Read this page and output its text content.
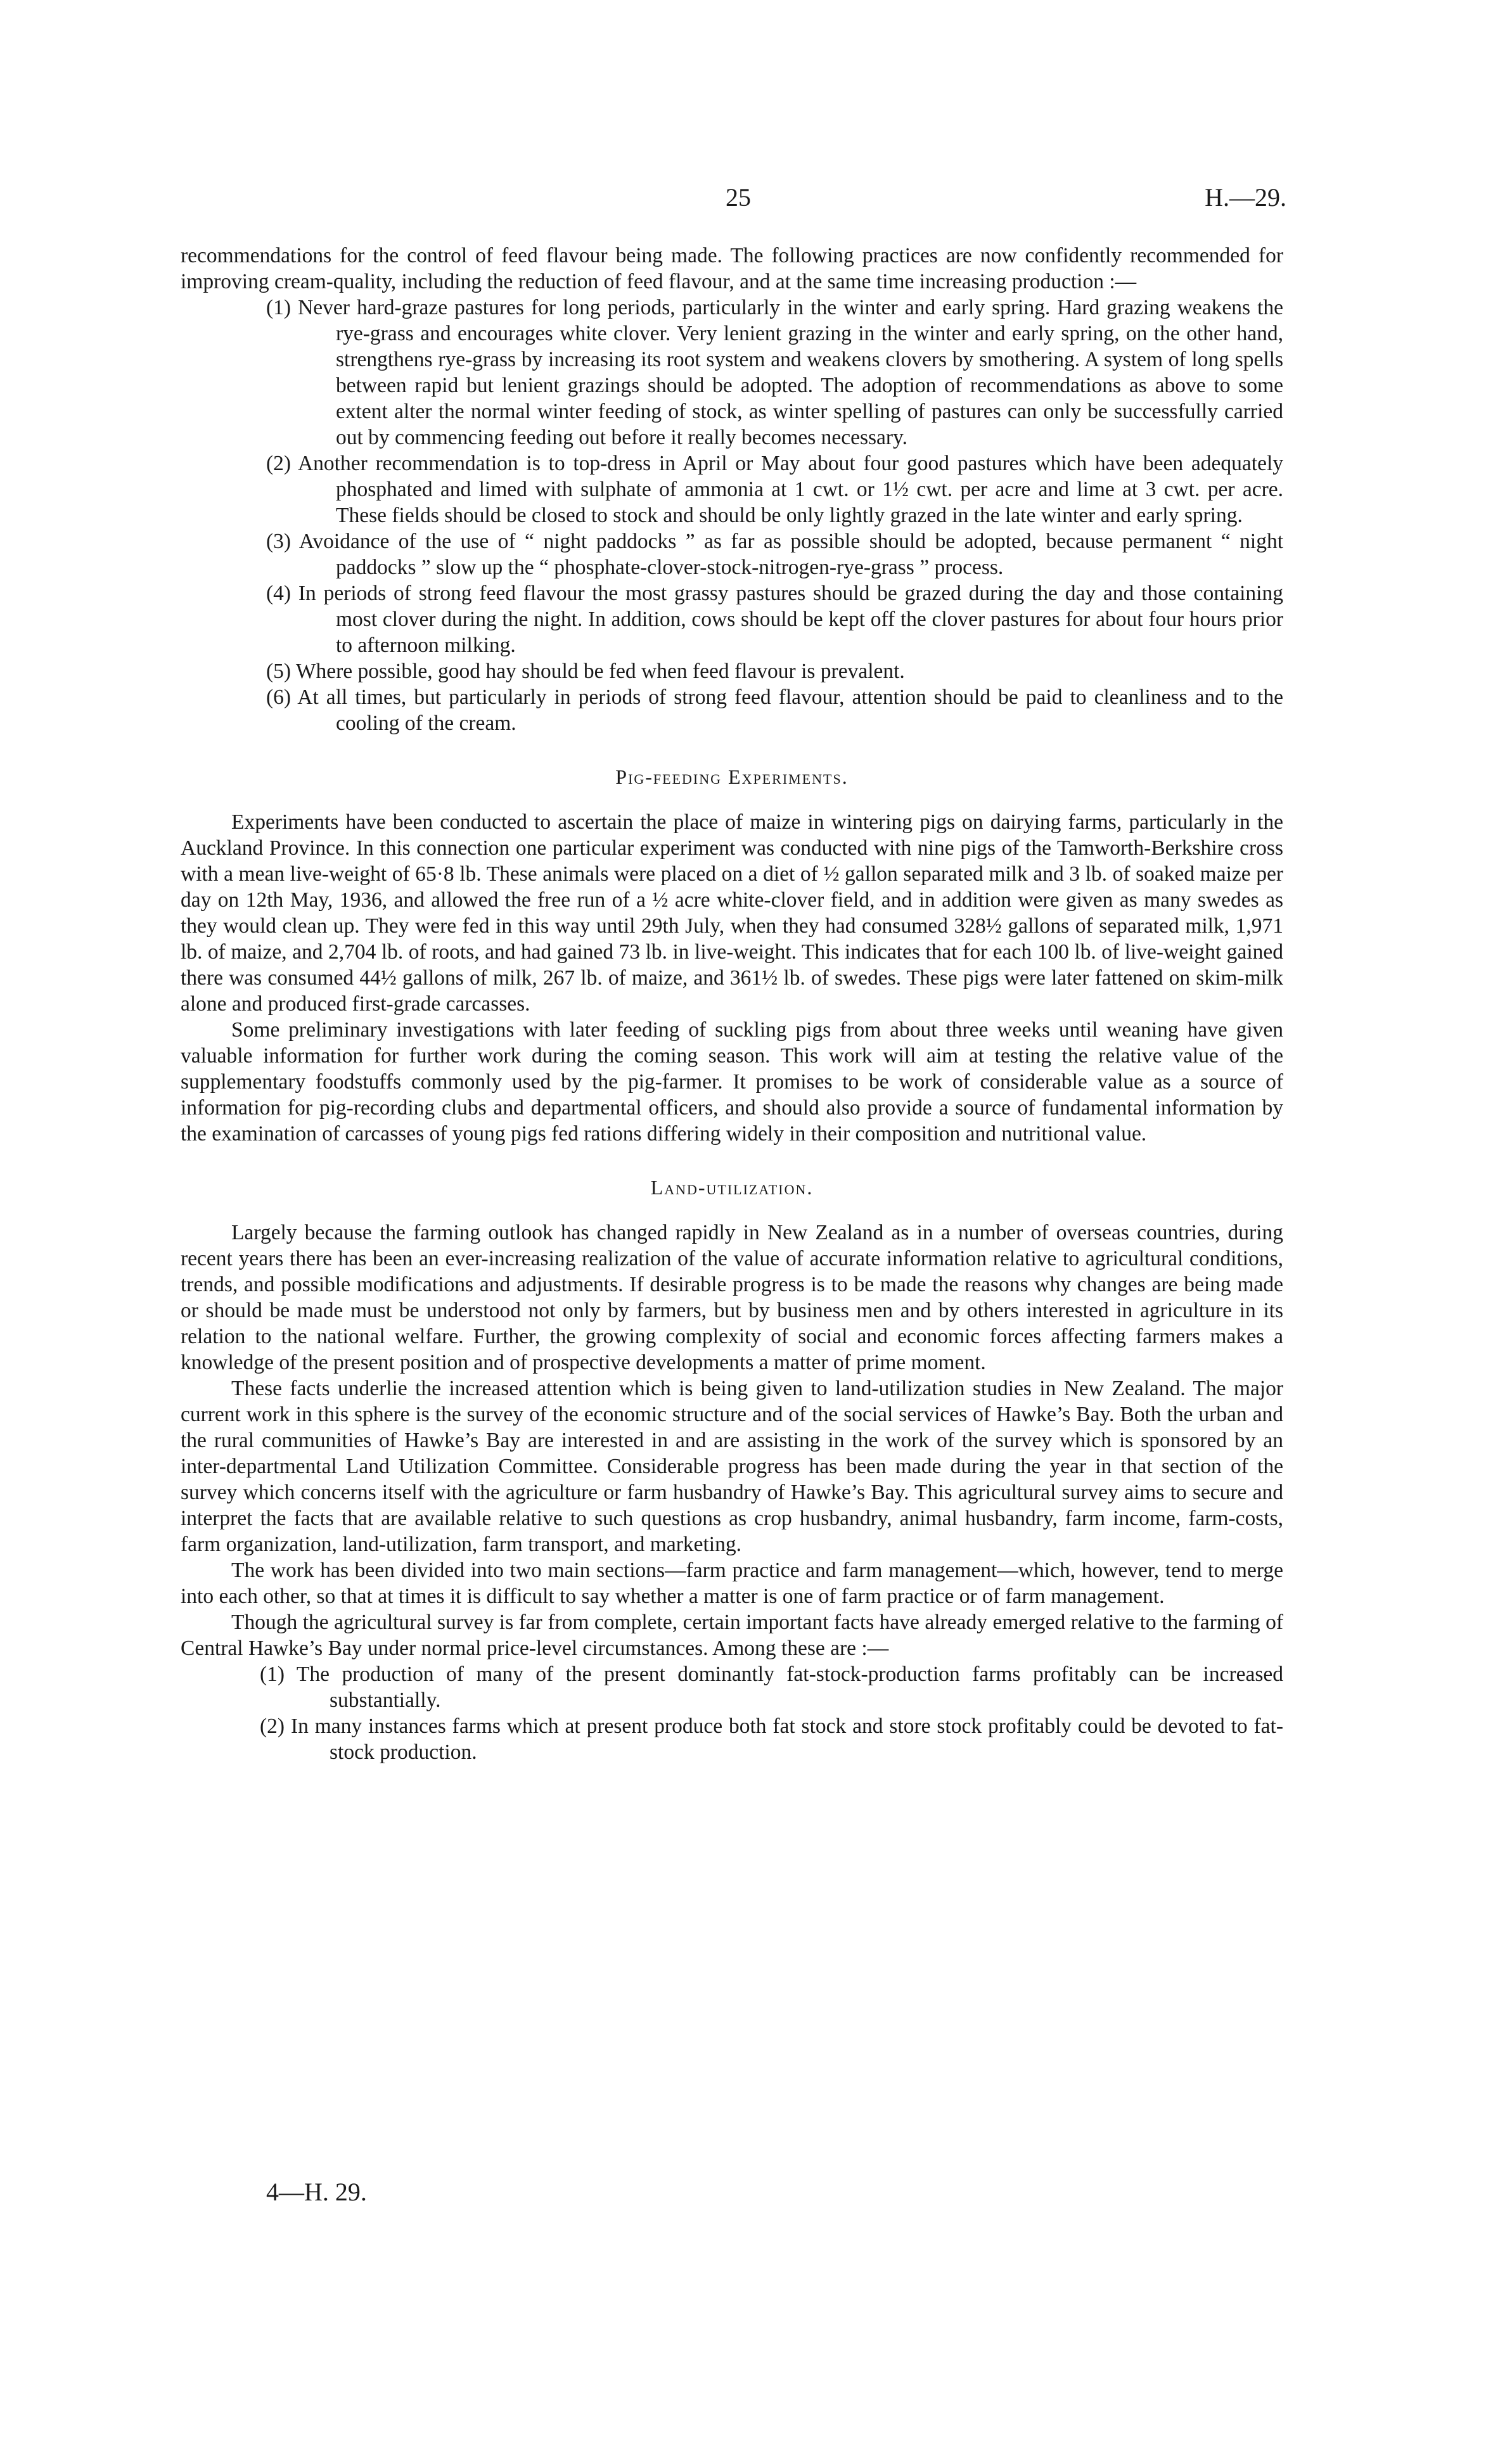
25	H.—29.

recommendations for the control of feed flavour being made. The following practices are now confidently recommended for improving cream-quality, including the reduction of feed flavour, and at the same time increasing production :—

(1) Never hard-graze pastures for long periods, particularly in the winter and early spring. Hard grazing weakens the rye-grass and encourages white clover. Very lenient grazing in the winter and early spring, on the other hand, strengthens rye-grass by increasing its root system and weakens clovers by smothering. A system of long spells between rapid but lenient grazings should be adopted. The adoption of recommendations as above to some extent alter the normal winter feeding of stock, as winter spelling of pastures can only be successfully carried out by commencing feeding out before it really becomes necessary.
(2) Another recommendation is to top-dress in April or May about four good pastures which have been adequately phosphated and limed with sulphate of ammonia at 1 cwt. or 1½ cwt. per acre and lime at 3 cwt. per acre. These fields should be closed to stock and should be only lightly grazed in the late winter and early spring.
(3) Avoidance of the use of “ night paddocks ” as far as possible should be adopted, because permanent “ night paddocks ” slow up the “ phosphate-clover-stock-nitrogen-rye-grass ” process.
(4) In periods of strong feed flavour the most grassy pastures should be grazed during the day and those containing most clover during the night. In addition, cows should be kept off the clover pastures for about four hours prior to afternoon milking.
(5) Where possible, good hay should be fed when feed flavour is prevalent.
(6) At all times, but particularly in periods of strong feed flavour, attention should be paid to cleanliness and to the cooling of the cream.
Pig-feeding Experiments.

Experiments have been conducted to ascertain the place of maize in wintering pigs on dairying farms, particularly in the Auckland Province. In this connection one particular experiment was conducted with nine pigs of the Tamworth-Berkshire cross with a mean live-weight of 65·8 lb. These animals were placed on a diet of ½ gallon separated milk and 3 lb. of soaked maize per day on 12th May, 1936, and allowed the free run of a ½ acre white-clover field, and in addition were given as many swedes as they would clean up. They were fed in this way until 29th July, when they had consumed 328½ gallons of separated milk, 1,971 lb. of maize, and 2,704 lb. of roots, and had gained 73 lb. in live-weight. This indicates that for each 100 lb. of live-weight gained there was consumed 44½ gallons of milk, 267 lb. of maize, and 361½ lb. of swedes. These pigs were later fattened on skim-milk alone and produced first-grade carcasses.

Some preliminary investigations with later feeding of suckling pigs from about three weeks until weaning have given valuable information for further work during the coming season. This work will aim at testing the relative value of the supplementary foodstuffs commonly used by the pig-farmer. It promises to be work of considerable value as a source of information for pig-recording clubs and departmental officers, and should also provide a source of fundamental information by the examination of carcasses of young pigs fed rations differing widely in their composition and nutritional value.

Land-utilization.

Largely because the farming outlook has changed rapidly in New Zealand as in a number of overseas countries, during recent years there has been an ever-increasing realization of the value of accurate information relative to agricultural conditions, trends, and possible modifications and adjustments. If desirable progress is to be made the reasons why changes are being made or should be made must be understood not only by farmers, but by business men and by others interested in agriculture in its relation to the national welfare. Further, the growing complexity of social and economic forces affecting farmers makes a knowledge of the present position and of prospective developments a matter of prime moment.

These facts underlie the increased attention which is being given to land-utilization studies in New Zealand. The major current work in this sphere is the survey of the economic structure and of the social services of Hawke’s Bay. Both the urban and the rural communities of Hawke’s Bay are interested in and are assisting in the work of the survey which is sponsored by an inter-departmental Land Utilization Committee. Considerable progress has been made during the year in that section of the survey which concerns itself with the agriculture or farm husbandry of Hawke’s Bay. This agricultural survey aims to secure and interpret the facts that are available relative to such questions as crop husbandry, animal husbandry, farm income, farm-costs, farm organization, land-utilization, farm transport, and marketing.

The work has been divided into two main sections—farm practice and farm management—which, however, tend to merge into each other, so that at times it is difficult to say whether a matter is one of farm practice or of farm management.

Though the agricultural survey is far from complete, certain important facts have already emerged relative to the farming of Central Hawke’s Bay under normal price-level circumstances. Among these are :—

(1) The production of many of the present dominantly fat-stock-production farms profitably can be increased substantially.
(2) In many instances farms which at present produce both fat stock and store stock profitably could be devoted to fat-stock production.
4—H. 29.
